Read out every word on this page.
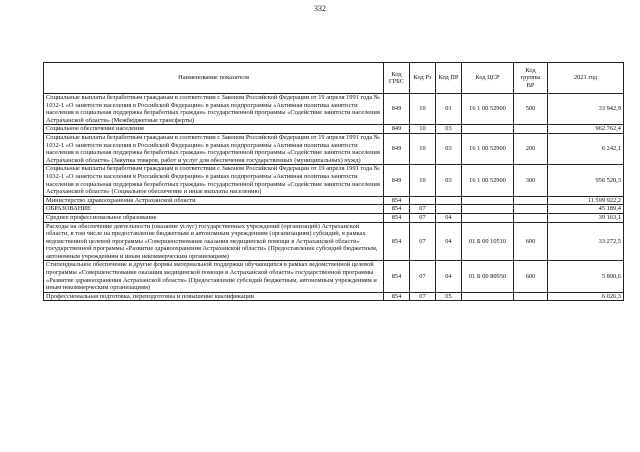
332
Наименование показателя	Код ГРБС	Код Рз	Код ПР	Код ЦСР	Код группы ВР	2021 год
Социальные выплаты безработным гражданам в соответствии с Законом Российской Федерации от 19 апреля 1991 года № 1032-1 «О занятости населения в Российской Федерации» в рамках подпрограммы «Активная политика занятости населения и социальная поддержка безработных граждан» государственной программы «Содействие занятости населения Астраханской области» (Межбюджетные трансферты)	849	10	01	16 1 00 52900	500	33 942,9
Социальное обеспечение населения	849	10	03			962 762,4
Социальные выплаты безработным гражданам в соответствии с Законом Российской Федерации от 19 апреля 1991 года № 1032-1 «О занятости населения в Российской Федерации» в рамках подпрограммы «Активная политика занятости населения и социальная поддержка безработных граждан» государственной программы «Содействие занятости населения Астраханской области» (Закупка товаров, работ и услуг для обеспечения государственных (муниципальных) нужд)	849	10	03	16 1 00 52900	200	6 242,1
Социальные выплаты безработным гражданам в соответствии с Законом Российской Федерации от 19 апреля 1991 года № 1032-1 «О занятости населения в Российской Федерации» в рамках подпрограммы «Активная политика занятости населения и социальная поддержка безработных граждан» государственной программы «Содействие занятости населения Астраханской области» (Социальное обеспечение и иные выплаты населению)	849	10	03	16 1 00 52900	300	956 520,3
Министерство здравоохранения Астраханской области	854					11 599 922,2
ОБРАЗОВАНИЕ	854	07				45 189,4
Среднее профессиональное образование	854	07	04			39 163,1
Расходы на обеспечение деятельности (оказание услуг) государственных учреждений (организаций) Астраханской области, в том числе на предоставление бюджетным и автономным учреждениям (организациям) субсидий, в рамках ведомственной целевой программы «Совершенствование оказания медицинской помощи в Астраханской области» государственной программы «Развитие здравоохранения Астраханской области» (Предоставление субсидий бюджетным, автономным учреждениям и иным некоммерческим организациям)	854	07	04	01 Б 00 10510	600	33 272,5
Стипендиальное обеспечение и другие формы материальной поддержки обучающихся в рамках ведомственной целевой программы «Совершенствование оказания медицинской помощи в Астраханской области» государственной программы «Развитие здравоохранения Астраханской области» (Предоставление субсидий бюджетным, автономным учреждениям и иным некоммерческим организациям)	854	07	04	01 Б 00 80950	600	5 890,6
Профессиональная подготовка, переподготовка и повышение квалификации	854	07	05			6 026,3
